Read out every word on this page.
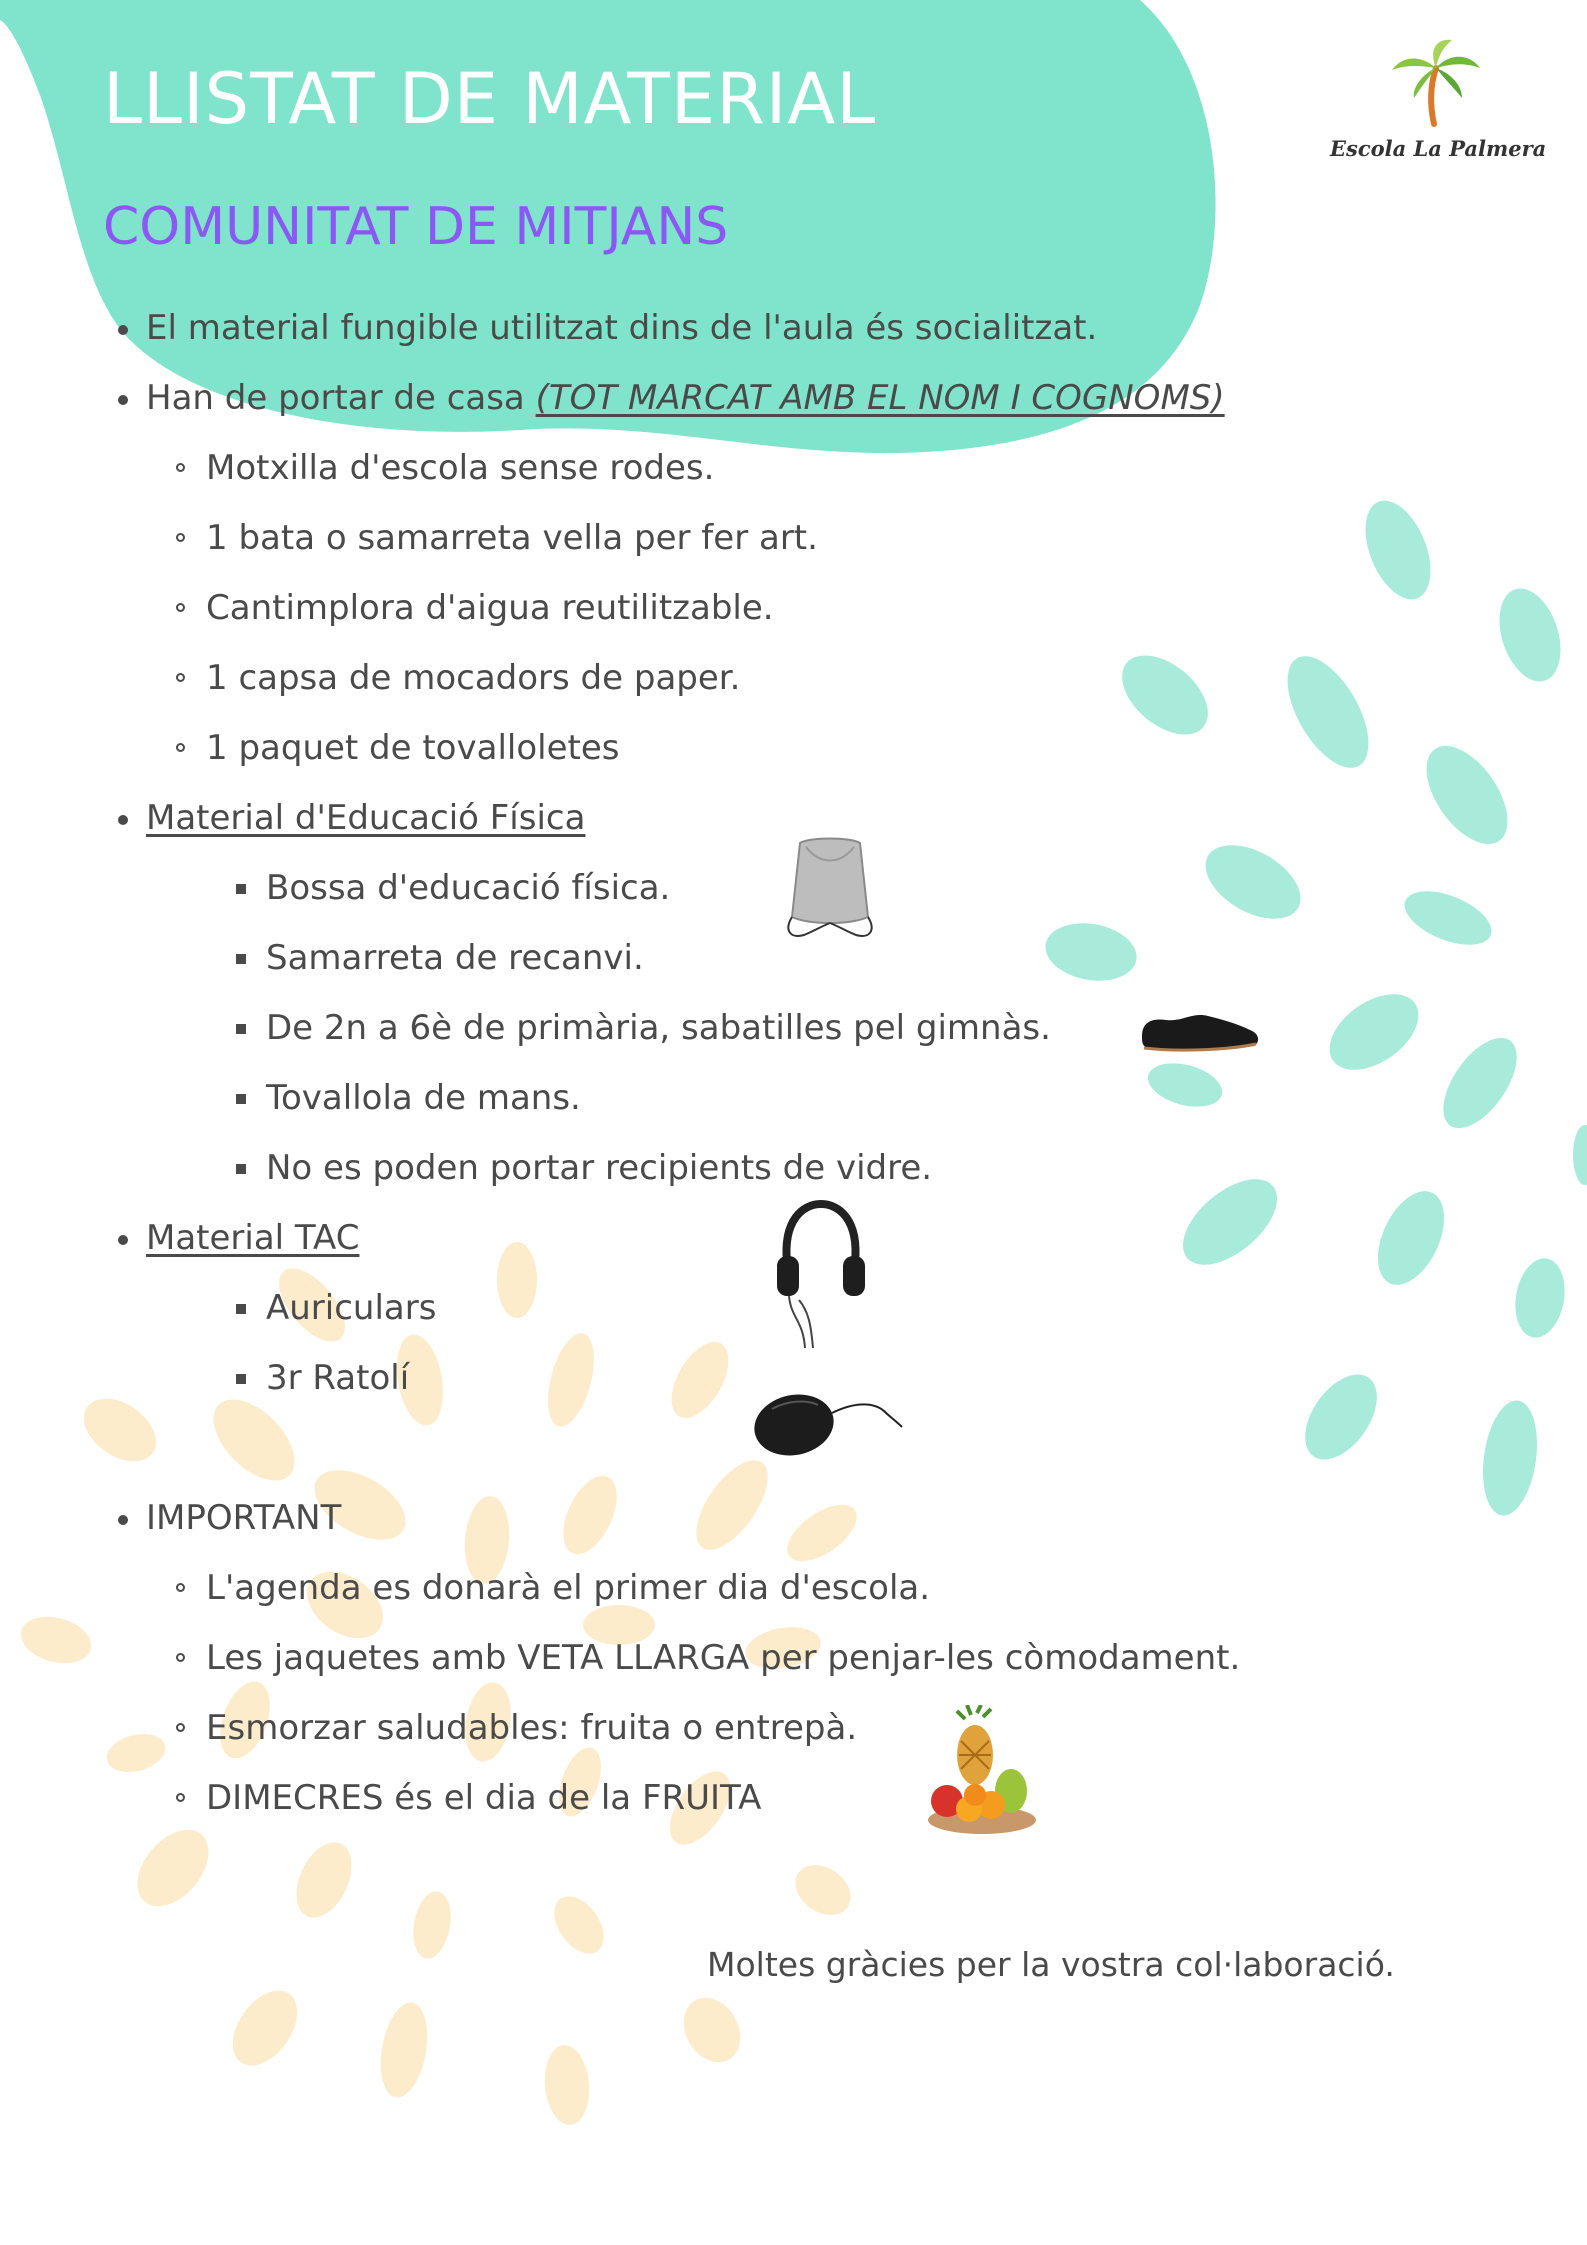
LLISTAT DE MATERIAL
COMUNITAT DE MITJANS
Escola La Palmera
El material fungible utilitzat dins de l'aula és socialitzat.
Han de portar de casa (TOT MARCAT AMB EL NOM I COGNOMS)
Motxilla d'escola sense rodes.
1 bata o samarreta vella per fer art.
Cantimplora d'aigua reutilitzable.
1 capsa de mocadors de paper.
1 paquet de tovalloletes
Material d'Educació Física
Bossa d'educació física.
Samarreta de recanvi.
De 2n a 6è de primària, sabatilles pel gimnàs.
Tovallola de mans.
No es poden portar recipients de vidre.
Material TAC
Auriculars
3r Ratolí
IMPORTANT
L'agenda es donarà el primer dia d'escola.
Les jaquetes amb VETA LLARGA per penjar-les còmodament.
Esmorzar saludables: fruita o entrepà.
DIMECRES és el dia de la FRUITA
Moltes gràcies per la vostra col·laboració.
